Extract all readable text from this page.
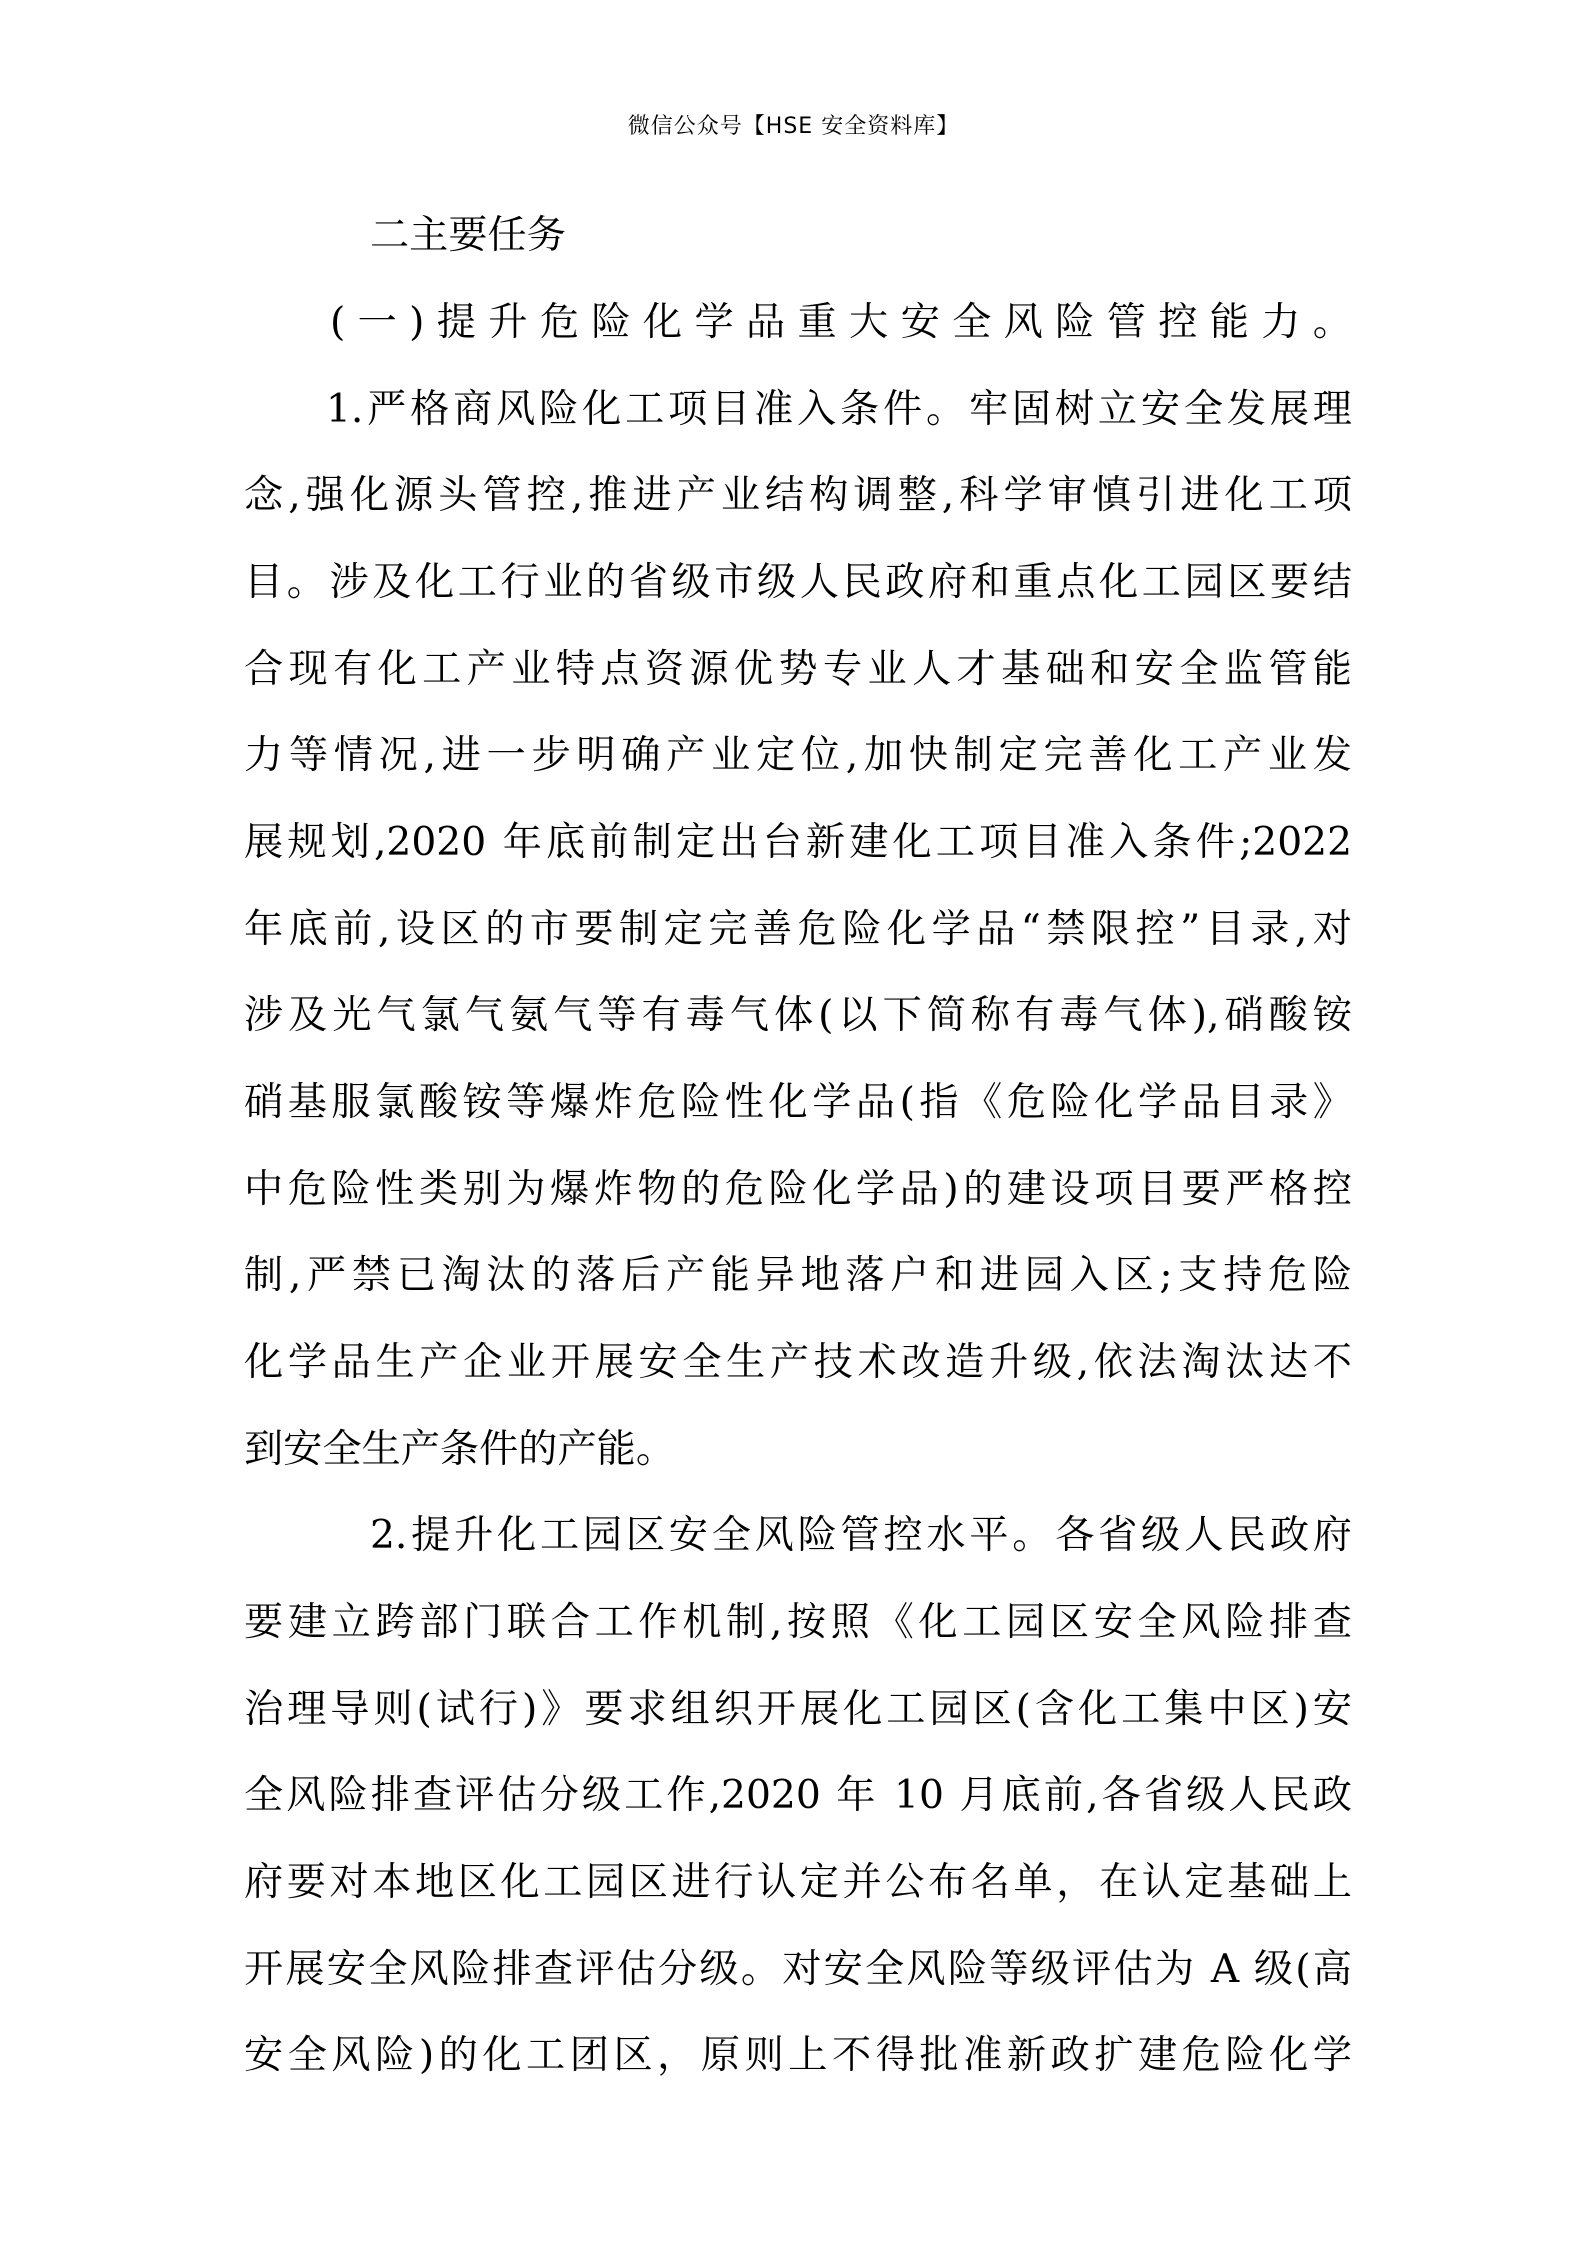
微信公众号【HSE 安全资料库】
二主要任务
(一)提升危险化学品重大安全风险管控能力。
1.严格商风险化工项目准入条件。牢固树立安全发展理
念,强化源头管控,推进产业结构调整,科学审慎引进化工项
目。涉及化工行业的省级市级人民政府和重点化工园区要结
合现有化工产业特点资源优势专业人才基础和安全监管能
力等情况,进一步明确产业定位,加快制定完善化工产业发
展规划,2020 年底前制定出台新建化工项目准入条件;2022
年底前,设区的市要制定完善危险化学品“禁限控”目录,对
涉及光气氯气氨气等有毒气体(以下简称有毒气体),硝酸铵
硝基服氯酸铵等爆炸危险性化学品(指《危险化学品目录》
中危险性类别为爆炸物的危险化学品)的建设项目要严格控
制,严禁已淘汰的落后产能异地落户和进园入区;支持危险
化学品生产企业开展安全生产技术改造升级,依法淘汰达不
到安全生产条件的产能。
2.提升化工园区安全风险管控水平。各省级人民政府
要建立跨部门联合工作机制,按照《化工园区安全风险排查
治理导则(试行)》要求组织开展化工园区(含化工集中区)安
全风险排查评估分级工作,2020 年 10 月底前,各省级人民政
府要对本地区化工园区进行认定并公布名单，在认定基础上
开展安全风险排查评估分级。对安全风险等级评估为 A 级(高
安全风险)的化工团区，原则上不得批准新政扩建危险化学
